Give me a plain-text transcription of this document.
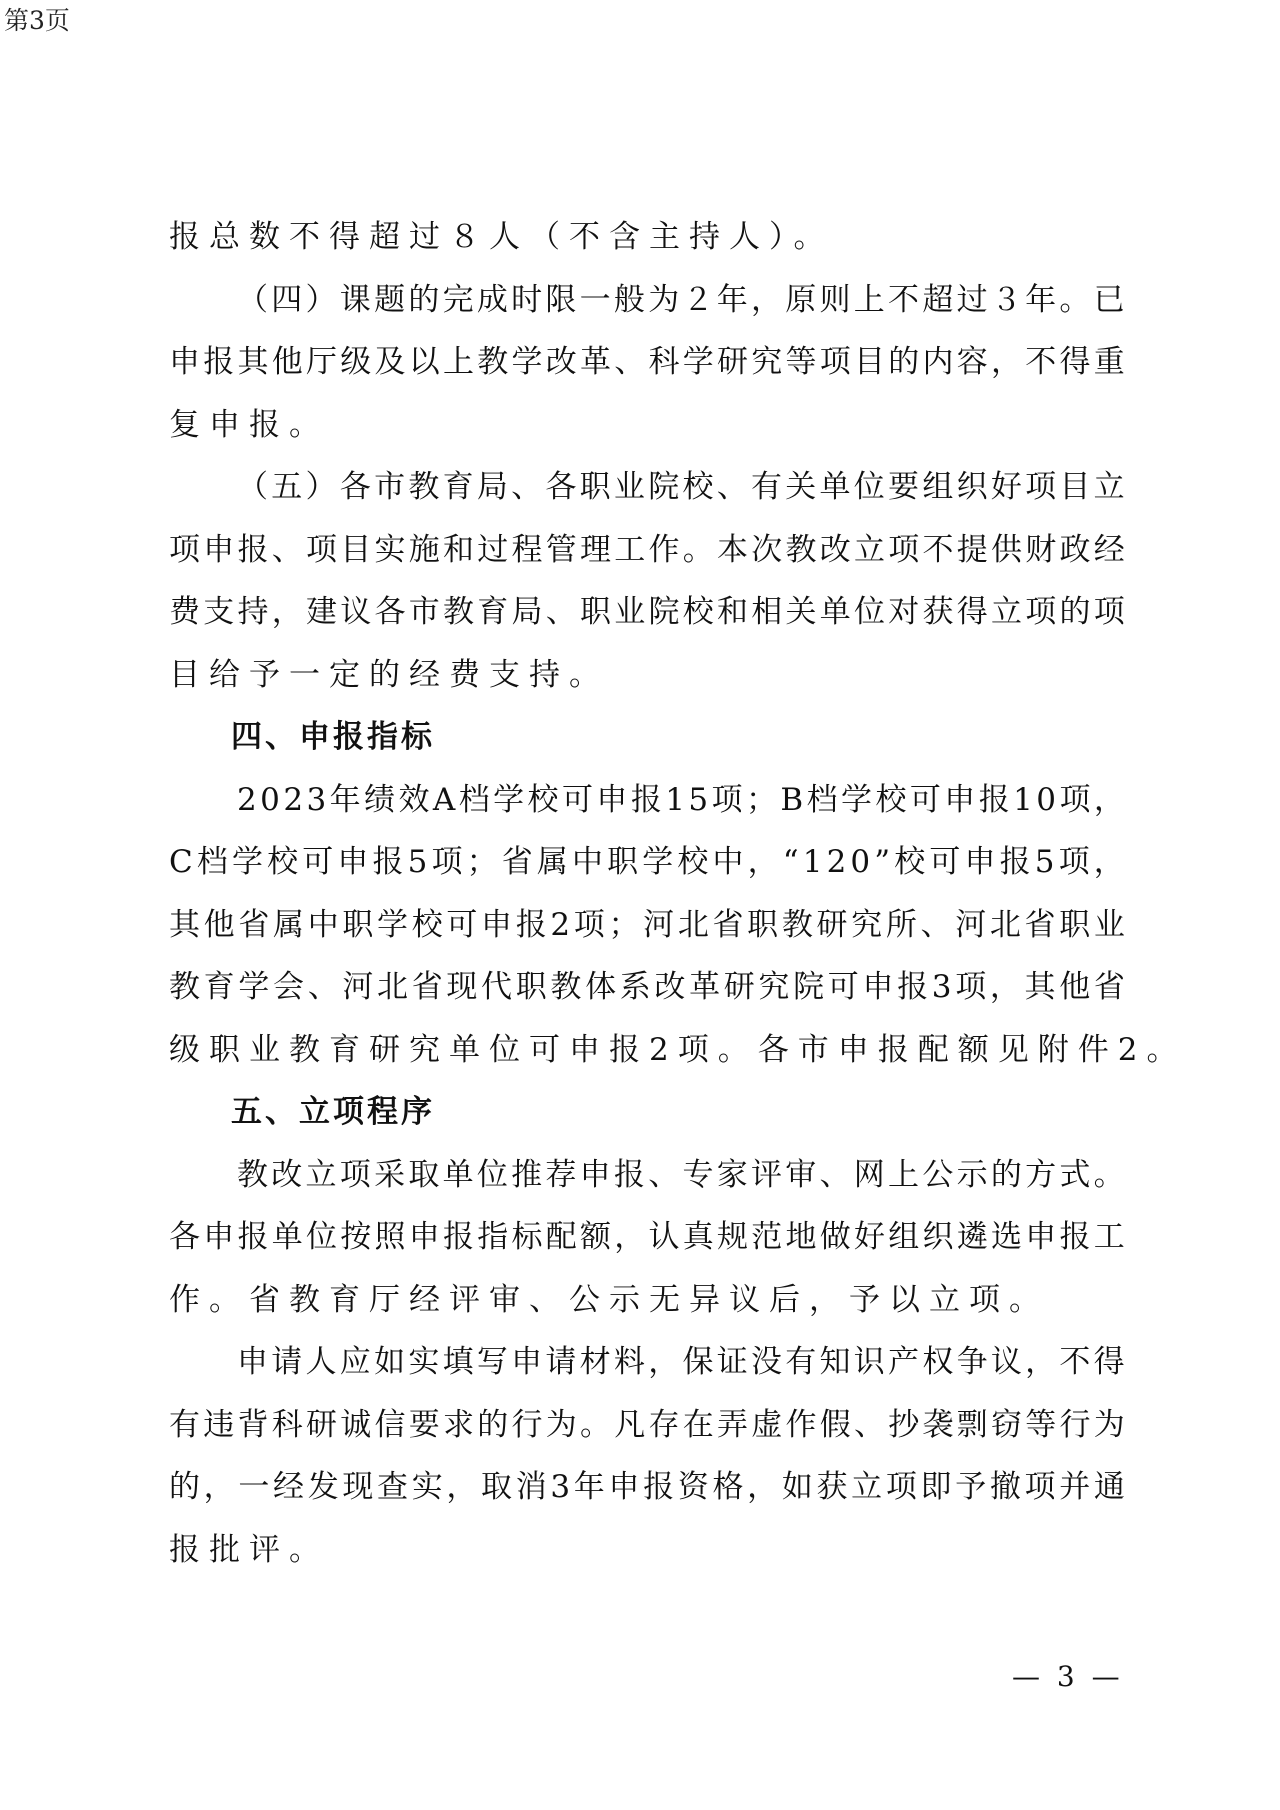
第3页
报总数不得超过８人（不含主持人）。
（ 四 ） 课 题 的 完 成 时 限 一 般 为 ２ 年 ， 原 则 上 不 超 过 ３ 年 。 已
申 报 其 他 厅 级 及 以 上 教 学 改 革 、 科 学 研 究 等 项 目 的 内 容 ， 不 得 重
复申报。
（ 五 ） 各 市 教 育 局 、 各 职 业 院 校 、 有 关 单 位 要 组 织 好 项 目 立
项 申 报 、 项 目 实 施 和 过 程 管 理 工 作 。 本 次 教 改 立 项 不 提 供 财 政 经
费 支 持 ， 建 议 各 市 教 育 局 、 职 业 院 校 和 相 关 单 位 对 获 得 立 项 的 项
目给予一定的经费支持。
四、申报指标
2 0 2 3 年 绩 效 A 档 学 校 可 申 报 1 5 项 ； B 档 学 校 可 申 报 1 0 项 ，
C 档 学 校 可 申 报 5 项 ； 省 属 中 职 学 校 中 ， “ 1 2 0 ” 校 可 申 报 5 项 ，
其 他 省 属 中 职 学 校 可 申 报 2 项 ； 河 北 省 职 教 研 究 所 、 河 北 省 职 业
教 育 学 会 、 河 北 省 现 代 职 教 体 系 改 革 研 究 院 可 申 报 3 项 ， 其 他 省
级职业教育研究单位可申报2项。各市申报配额见附件2。
五、立项程序
教 改 立 项 采 取 单 位 推 荐 申 报 、 专 家 评 审 、 网 上 公 示 的 方 式 。
各 申 报 单 位 按 照 申 报 指 标 配 额 ， 认 真 规 范 地 做 好 组 织 遴 选 申 报 工
作。省教育厅经评审、公示无异议后，予以立项。
申 请 人 应 如 实 填 写 申 请 材 料 ， 保 证 没 有 知 识 产 权 争 议 ， 不 得
有 违 背 科 研 诚 信 要 求 的 行 为 。 凡 存 在 弄 虚 作 假 、 抄 袭 剽 窃 等 行 为
的 ， 一 经 发 现 查 实 ， 取 消 3 年 申 报 资 格 ， 如 获 立 项 即 予 撤 项 并 通
报批评。
— 3 —
